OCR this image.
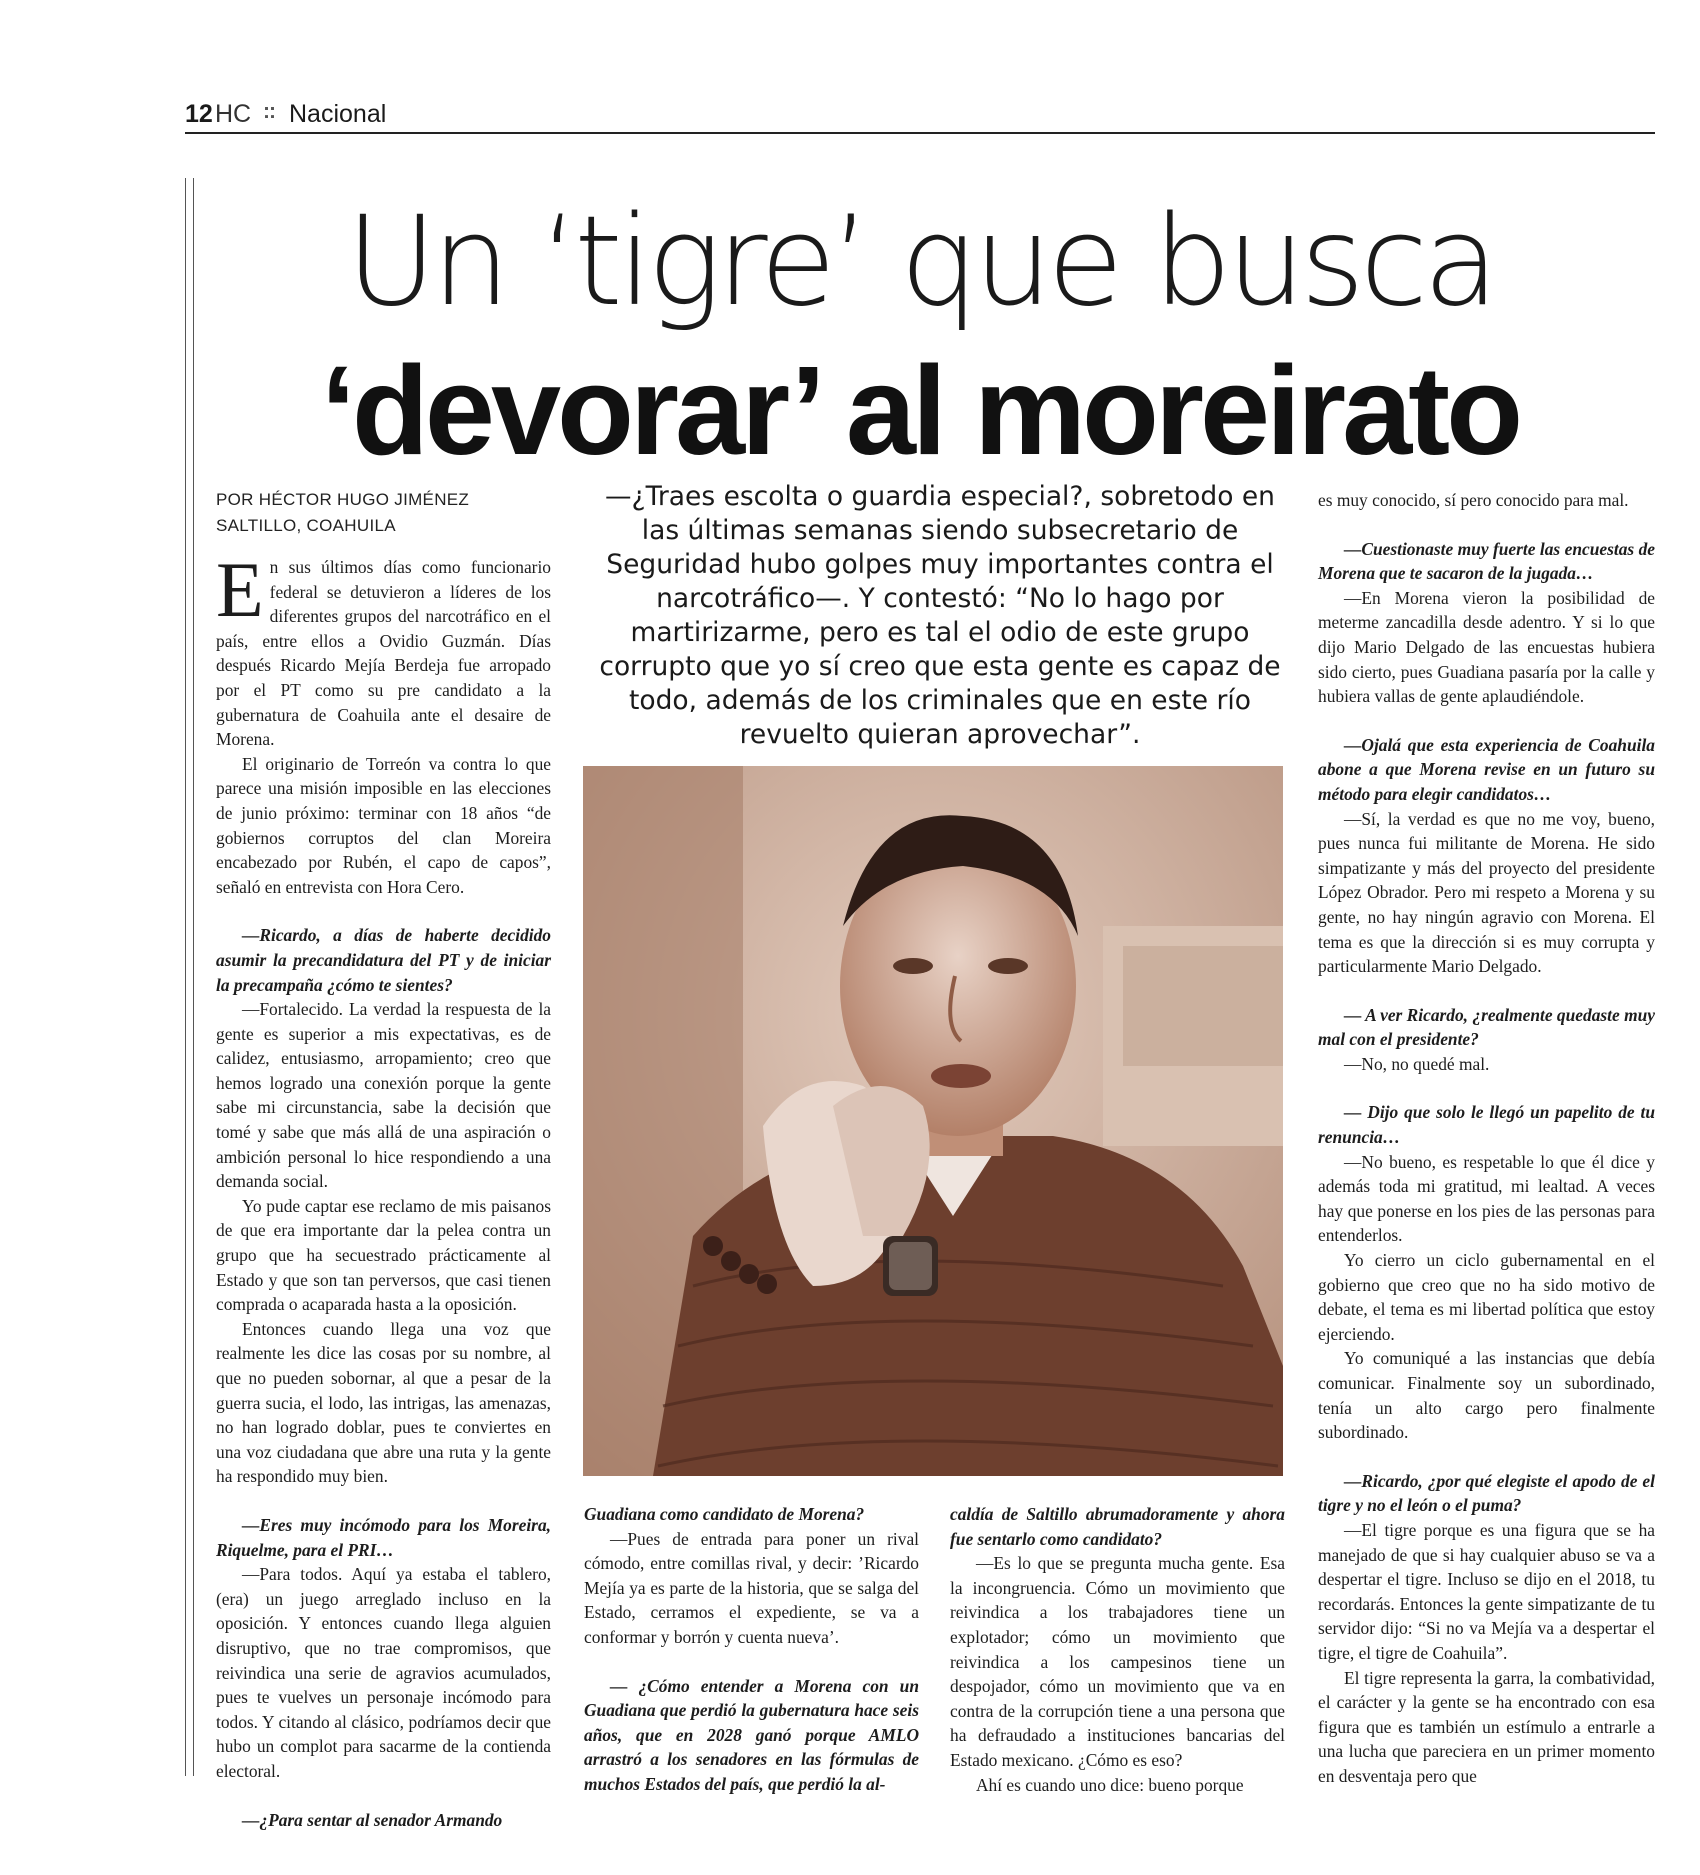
12 HC :: Nacional
Un ‘tigre’ que busca
‘devorar’ al moreirato
POR HÉCTOR HUGO JIMÉNEZ
SALTILLO, COAHUILA

En sus últimos días como funcionario federal se detuvieron a líderes de los diferentes grupos del narcotráfico en el país, entre ellos a Ovidio Guzmán. Días después Ricardo Mejía Berdeja fue arropado por el PT como su pre candidato a la gubernatura de Coahuila ante el desaire de Morena.

El originario de Torreón va contra lo que parece una misión imposible en las elecciones de junio próximo: terminar con 18 años “de gobiernos corruptos del clan Moreira encabezado por Rubén, el capo de capos”, señaló en entrevista con Hora Cero.

—Ricardo, a días de haberte decidido asumir la precandidatura del PT y de iniciar la precampaña ¿cómo te sientes?

—Fortalecido. La verdad la respuesta de la gente es superior a mis expectativas, es de calidez, entusiasmo, arropamiento; creo que hemos logrado una conexión porque la gente sabe mi circunstancia, sabe la decisión que tomé y sabe que más allá de una aspiración o ambición personal lo hice respondiendo a una demanda social.

Yo pude captar ese reclamo de mis paisanos de que era importante dar la pelea contra un grupo que ha secuestrado prácticamente al Estado y que son tan perversos, que casi tienen comprada o acaparada hasta a la oposición.

Entonces cuando llega una voz que realmente les dice las cosas por su nombre, al que no pueden sobornar, al que a pesar de la guerra sucia, el lodo, las intrigas, las amenazas, no han logrado doblar, pues te conviertes en una voz ciudadana que abre una ruta y la gente ha respondido muy bien.

—Eres muy incómodo para los Moreira, Riquelme, para el PRI…

—Para todos. Aquí ya estaba el tablero, (era) un juego arreglado incluso en la oposición. Y entonces cuando llega alguien disruptivo, que no trae compromisos, que reivindica una serie de agravios acumulados, pues te vuelves un personaje incómodo para todos. Y citando al clásico, podríamos decir que hubo un complot para sacarme de la contienda electoral.

—¿Para sentar al senador Armando

—¿Traes escolta o guardia especial?, sobretodo en las últimas semanas siendo subsecretario de Seguridad hubo golpes muy importantes contra el narcotráfico—. Y contestó: “No lo hago por martirizarme, pero es tal el odio de este grupo corrupto que yo sí creo que esta gente es capaz de todo, además de los criminales que en este río revuelto quieran aprovechar”.

Guadiana como candidato de Morena?

—Pues de entrada para poner un rival cómodo, entre comillas rival, y decir: ’Ricardo Mejía ya es parte de la historia, que se salga del Estado, cerramos el expediente, se va a conformar y borrón y cuenta nueva’.

— ¿Cómo entender a Morena con un Guadiana que perdió la gubernatura hace seis años, que en 2028 ganó porque AMLO arrastró a los senadores en las fórmulas de muchos Estados del país, que perdió la al-

caldía de Saltillo abrumadoramente y ahora fue sentarlo como candidato?

—Es lo que se pregunta mucha gente. Esa la incongruencia. Cómo un movimiento que reivindica a los trabajadores tiene un explotador; cómo un movimiento que reivindica a los campesinos tiene un despojador, cómo un movimiento que va en contra de la corrupción tiene a una persona que ha defraudado a instituciones bancarias del Estado mexicano. ¿Cómo es eso?

Ahí es cuando uno dice: bueno porque

es muy conocido, sí pero conocido para mal.

—Cuestionaste muy fuerte las encuestas de Morena que te sacaron de la jugada…

—En Morena vieron la posibilidad de meterme zancadilla desde adentro. Y si lo que dijo Mario Delgado de las encuestas hubiera sido cierto, pues Guadiana pasaría por la calle y hubiera vallas de gente aplaudiéndole.

—Ojalá que esta experiencia de Coahuila abone a que Morena revise en un futuro su método para elegir candidatos…

—Sí, la verdad es que no me voy, bueno, pues nunca fui militante de Morena. He sido simpatizante y más del proyecto del presidente López Obrador. Pero mi respeto a Morena y su gente, no hay ningún agravio con Morena. El tema es que la dirección si es muy corrupta y particularmente Mario Delgado.

— A ver Ricardo, ¿realmente quedaste muy mal con el presidente?

—No, no quedé mal.

— Dijo que solo le llegó un papelito de tu renuncia…

—No bueno, es respetable lo que él dice y además toda mi gratitud, mi lealtad. A veces hay que ponerse en los pies de las personas para entenderlos.

Yo cierro un ciclo gubernamental en el gobierno que creo que no ha sido motivo de debate, el tema es mi libertad política que estoy ejerciendo.

Yo comuniqué a las instancias que debía comunicar. Finalmente soy un subordinado, tenía un alto cargo pero finalmente subordinado.

—Ricardo, ¿por qué elegiste el apodo de el tigre y no el león o el puma?

—El tigre porque es una figura que se ha manejado de que si hay cualquier abuso se va a despertar el tigre. Incluso se dijo en el 2018, tu recordarás. Entonces la gente simpatizante de tu servidor dijo: “Si no va Mejía va a despertar el tigre, el tigre de Coahuila”.

El tigre representa la garra, la combatividad, el carácter y la gente se ha encontrado con esa figura que es también un estímulo a entrarle a una lucha que pareciera en un primer momento en desventaja pero que
